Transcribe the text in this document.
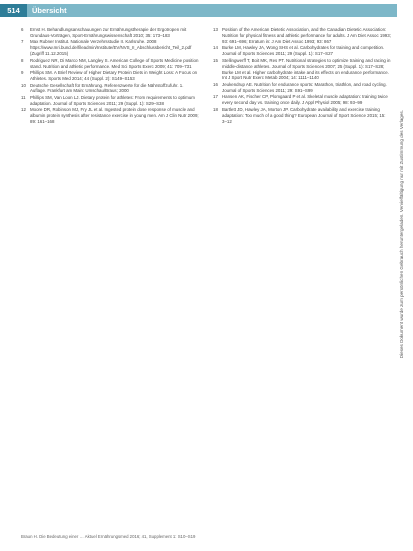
514	Übersicht
6 Ernst H. Behandlungsanschauungen zur Ernährungstherapie der Ergotropen mit Grundaus-Vorträgen, Sport-Ernährungswissenschaft 2010; 35: 173–183
7 Max Rubner Institut. Nationale Verzehrsstudie II. Karlsruhe. 2008 https://www.mri.bund.de/fileadmin/Institute/EV/NVS_II_Abschlussbericht_Teil_2.pdf (Zugriff 11.12.2015)
8 Rodriguez NR, Di Marco NM, Langley S. American College of Sports Medicine position stand. Nutrition and athletic performance. Med Sci Sports Exerc 2009; 41: 709–731
9 Phillips SM. A Brief Review of Higher Dietary Protein Diets in Weight Loss: A Focus on Athletes. Sports Med 2014; 44 (Suppl. 2): S149–S153
10 Deutsche Gesellschaft für Ernährung. Referenzwerte für die Nährstoffzufuhr. 1. Auflage. Frankfurt am Main: Umschau/Braus; 2000
11 Phillips SM, Van Loon LJ. Dietary protein for athletes: From requirements to optimum adaptation. Journal of Sports Sciences 2011; 29 (Suppl. 1): S29–S38
12 Moore DR, Robinson MJ, Fry JL et al. Ingested protein dose response of muscle and albumin protein synthesis after resistance exercise in young men. Am J Clin Nutr 2009; 89: 161–168
13 Position of the American Dietetic Association, and the Canadian Dietetic Association: Nutrition for physical fitness and athletic performance for adults. J Am Diet Assoc 1993; 93: 691–696; Erratum in: J Am Diet Assoc 1993; 93: 867
14 Burke LM, Hawley JA, Wong SHS et al. Carbohydrates for training and competition. Journal of Sports Sciences 2011; 29 (Suppl. 1): S17–S27
15 Stellingwerff T, Boit MK, Res PT. Nutritional strategies to optimize training and racing in middle-distance athletes. Journal of Sports Sciences 2007; 25 (Suppl. 1): S17–S28; Burke LM et al. Higher carbohydrate intake and its effects on endurance performance. Int J Sport Nutr Exerc Metab 2004; 14: 1111–1140
16 Jeukendrup AE. Nutrition for endurance sports: Marathon, triathlon, and road cycling. Journal of Sports Sciences 2011; 29: S91–S99
17 Hansen AK, Fischer CP, Plomgaard P et al. Skeletal muscle adaptation: training twice every second day vs. training once daily. J Appl Physiol 2005; 98: 93–99
18 Bartlett JD, Hawley JA, Morton JP. Carbohydrate availability and exercise training adaptation: Too much of a good thing? European Journal of Sport Science 2015; 15: 3–12	Dieses Dokument wurde zum persönlichen Gebrauch heruntergeladen. Vervielfältigung nur mit Zustimmung des Verlages.
Braun H. Die Bedeutung einer … Aktuel Ernährungsmed 2016; 41, Supplement 1: S10–S19
